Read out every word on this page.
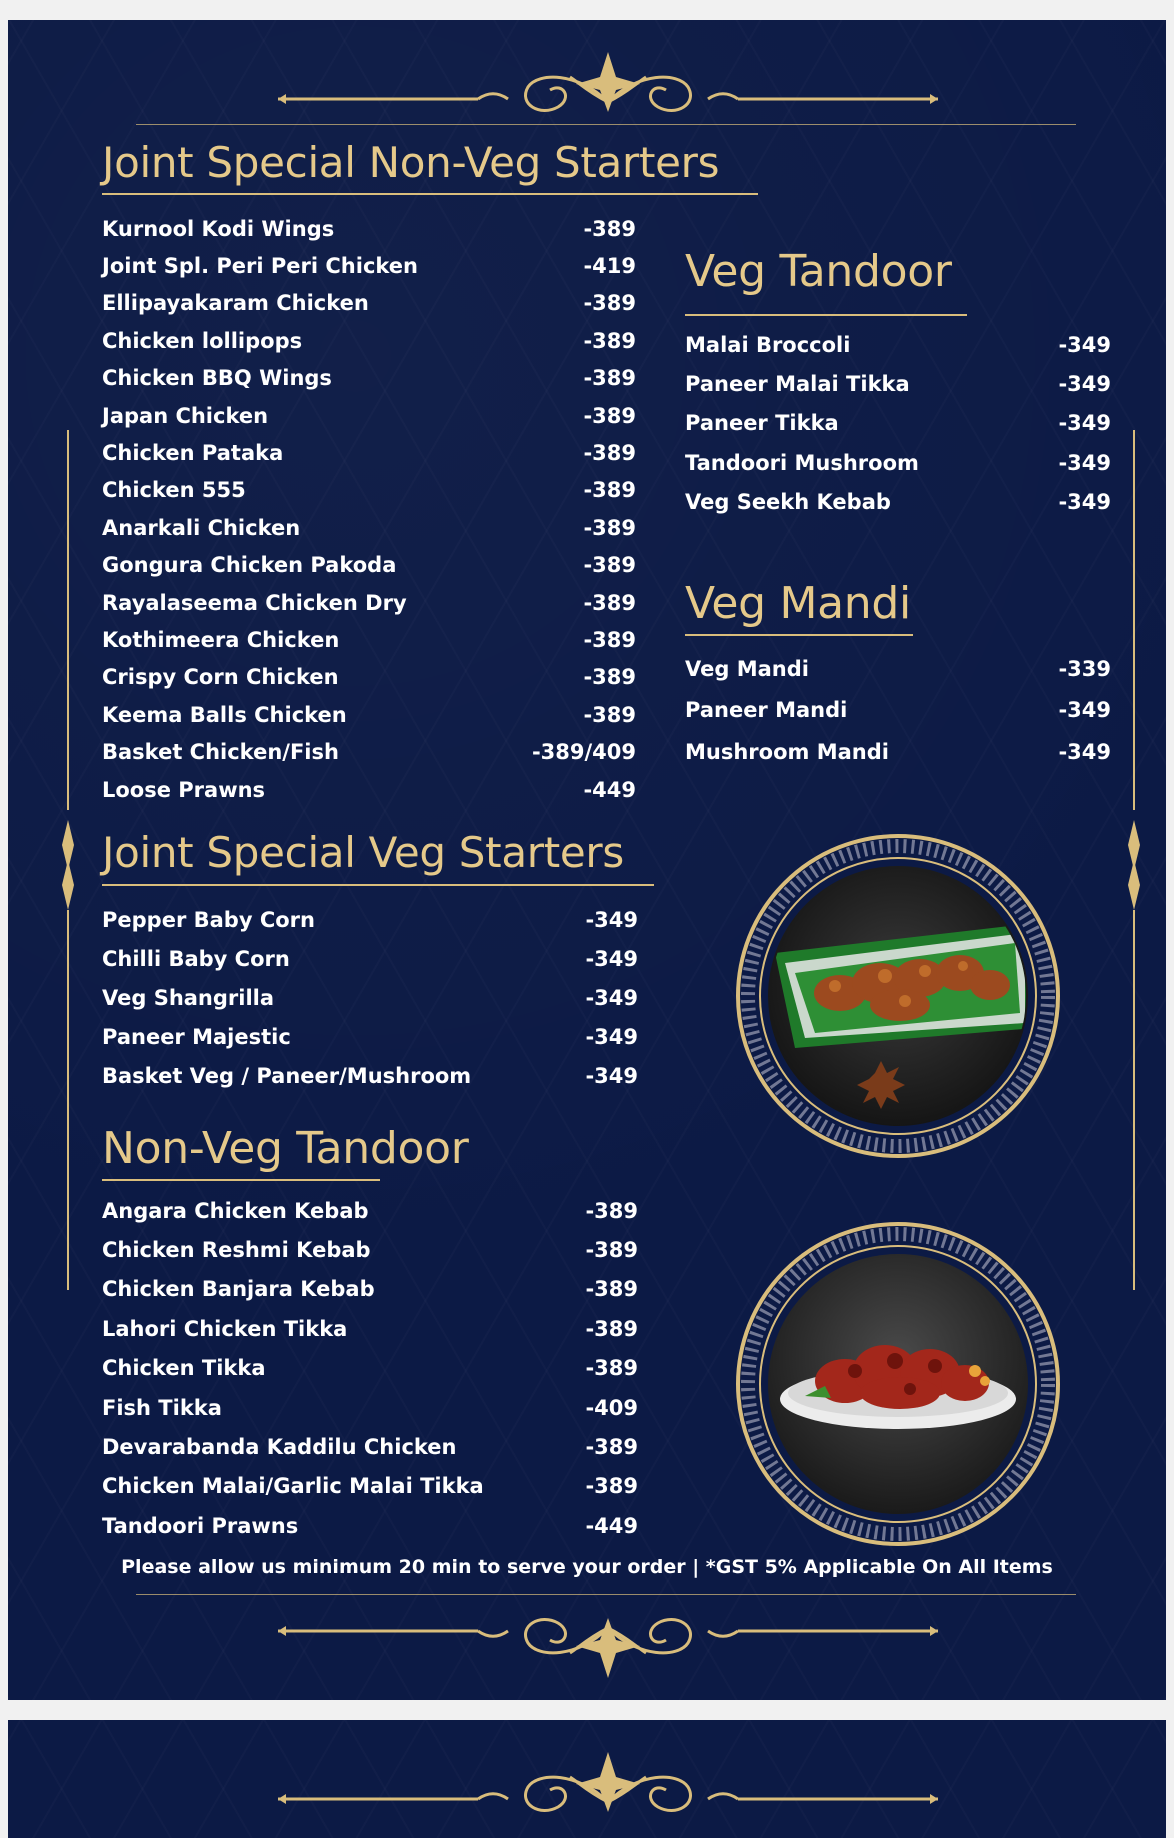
Joint Special Non-Veg Starters
Kurnool Kodi Wings	-389
Joint Spl. Peri Peri Chicken	-419
Ellipayakaram Chicken	-389
Chicken lollipops	-389
Chicken BBQ Wings	-389
Japan Chicken	-389
Chicken Pataka	-389
Chicken 555	-389
Anarkali Chicken	-389
Gongura Chicken Pakoda	-389
Rayalaseema Chicken Dry	-389
Kothimeera Chicken	-389
Crispy Corn Chicken	-389
Keema Balls Chicken	-389
Basket Chicken/Fish	-389/409
Loose Prawns	-449
Joint Special Veg Starters
Pepper Baby Corn	-349
Chilli Baby Corn	-349
Veg Shangrilla	-349
Paneer Majestic	-349
Basket Veg / Paneer/Mushroom	-349
Non-Veg Tandoor
Angara Chicken Kebab	-389
Chicken Reshmi Kebab	-389
Chicken Banjara Kebab	-389
Lahori Chicken Tikka	-389
Chicken Tikka	-389
Fish Tikka	-409
Devarabanda Kaddilu Chicken	-389
Chicken Malai/Garlic Malai Tikka	-389
Tandoori Prawns	-449
Veg Tandoor
Malai Broccoli	-349
Paneer Malai Tikka	-349
Paneer Tikka	-349
Tandoori Mushroom	-349
Veg Seekh Kebab	-349
Veg Mandi
Veg Mandi	-339
Paneer Mandi	-349
Mushroom Mandi	-349

Please allow us minimum 20 min to serve your order | *GST 5% Applicable On All Items
